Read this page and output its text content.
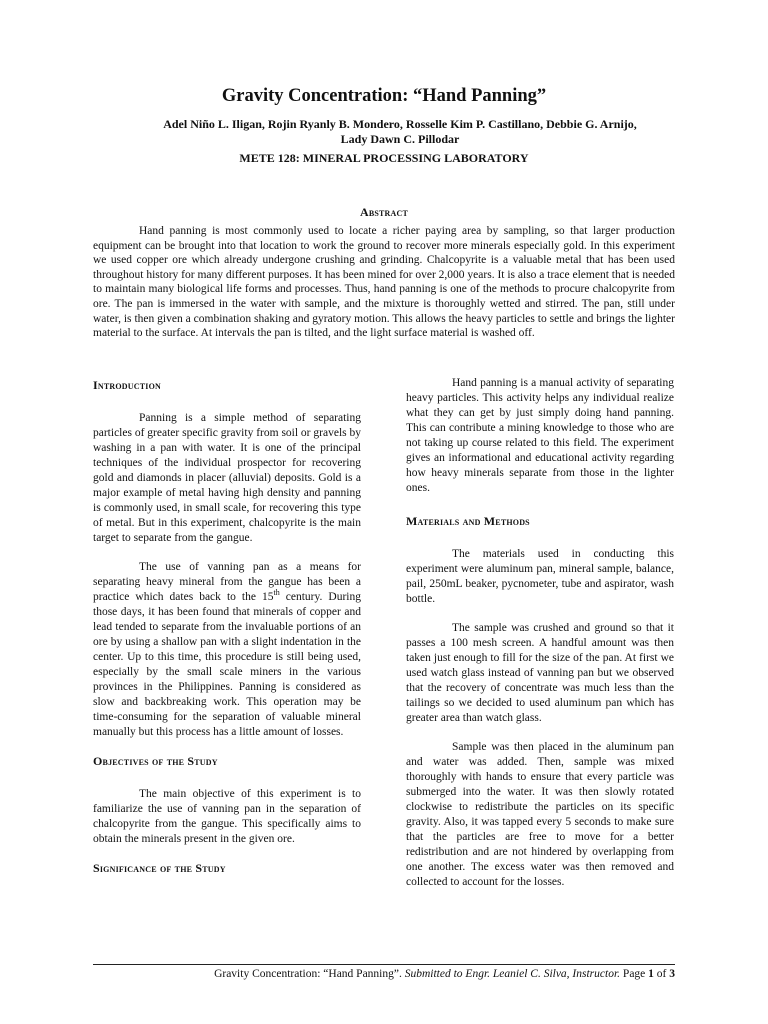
Gravity Concentration: “Hand Panning”
Adel Niño L. Iligan, Rojin Ryanly B. Mondero, Rosselle Kim P. Castillano, Debbie G. Arnijo,
Lady Dawn C. Pillodar
METE 128: MINERAL PROCESSING LABORATORY
Abstract

Hand panning is most commonly used to locate a richer paying area by sampling, so that larger production equipment can be brought into that location to work the ground to recover more minerals especially gold. In this experiment we used copper ore which already undergone crushing and grinding. Chalcopyrite is a valuable metal that has been used throughout history for many different purposes. It has been mined for over 2,000 years. It is also a trace element that is needed to maintain many biological life forms and processes. Thus, hand panning is one of the methods to procure chalcopyrite from ore. The pan is immersed in the water with sample, and the mixture is thoroughly wetted and stirred. The pan, still under water, is then given a combination shaking and gyratory motion. This allows the heavy particles to settle and brings the lighter material to the surface. At intervals the pan is tilted, and the light surface material is washed off.

Introduction

Panning is a simple method of separating particles of greater specific gravity from soil or gravels by washing in a pan with water. It is one of the principal techniques of the individual prospector for recovering gold and diamonds in placer (alluvial) deposits. Gold is a major example of metal having high density and panning is commonly used, in small scale, for recovering this type of metal. But in this experiment, chalcopyrite is the main target to separate from the gangue.

The use of vanning pan as a means for separating heavy mineral from the gangue has been a practice which dates back to the 15th century. During those days, it has been found that minerals of copper and lead tended to separate from the invaluable portions of an ore by using a shallow pan with a slight indentation in the center. Up to this time, this procedure is still being used, especially by the small scale miners in the various provinces in the Philippines. Panning is considered as slow and backbreaking work. This operation may be time-consuming for the separation of valuable mineral manually but this process has a little amount of losses.

Objectives of the Study

The main objective of this experiment is to familiarize the use of vanning pan in the separation of chalcopyrite from the gangue. This specifically aims to obtain the minerals present in the given ore.

Significance of the Study

Hand panning is a manual activity of separating heavy particles. This activity helps any individual realize what they can get by just simply doing hand panning. This can contribute a mining knowledge to those who are not taking up course related to this field. The experiment gives an informational and educational activity regarding how heavy minerals separate from those in the lighter ones.

Materials and Methods

The materials used in conducting this experiment were aluminum pan, mineral sample, balance, pail, 250mL beaker, pycnometer, tube and aspirator, wash bottle.

The sample was crushed and ground so that it passes a 100 mesh screen. A handful amount was then taken just enough to fill for the size of the pan. At first we used watch glass instead of vanning pan but we observed that the recovery of concentrate was much less than the tailings so we decided to used aluminum pan which has greater area than watch glass.

Sample was then placed in the aluminum pan and water was added. Then, sample was mixed thoroughly with hands to ensure that every particle was submerged into the water. It was then slowly rotated clockwise to redistribute the particles on its specific gravity. Also, it was tapped every 5 seconds to make sure that the particles are free to move for a better redistribution and are not hindered by overlapping from one another. The excess water was then removed and collected to account for the losses.

Gravity Concentration: “Hand Panning”. Submitted to Engr. Leaniel C. Silva, Instructor. Page 1 of 3
